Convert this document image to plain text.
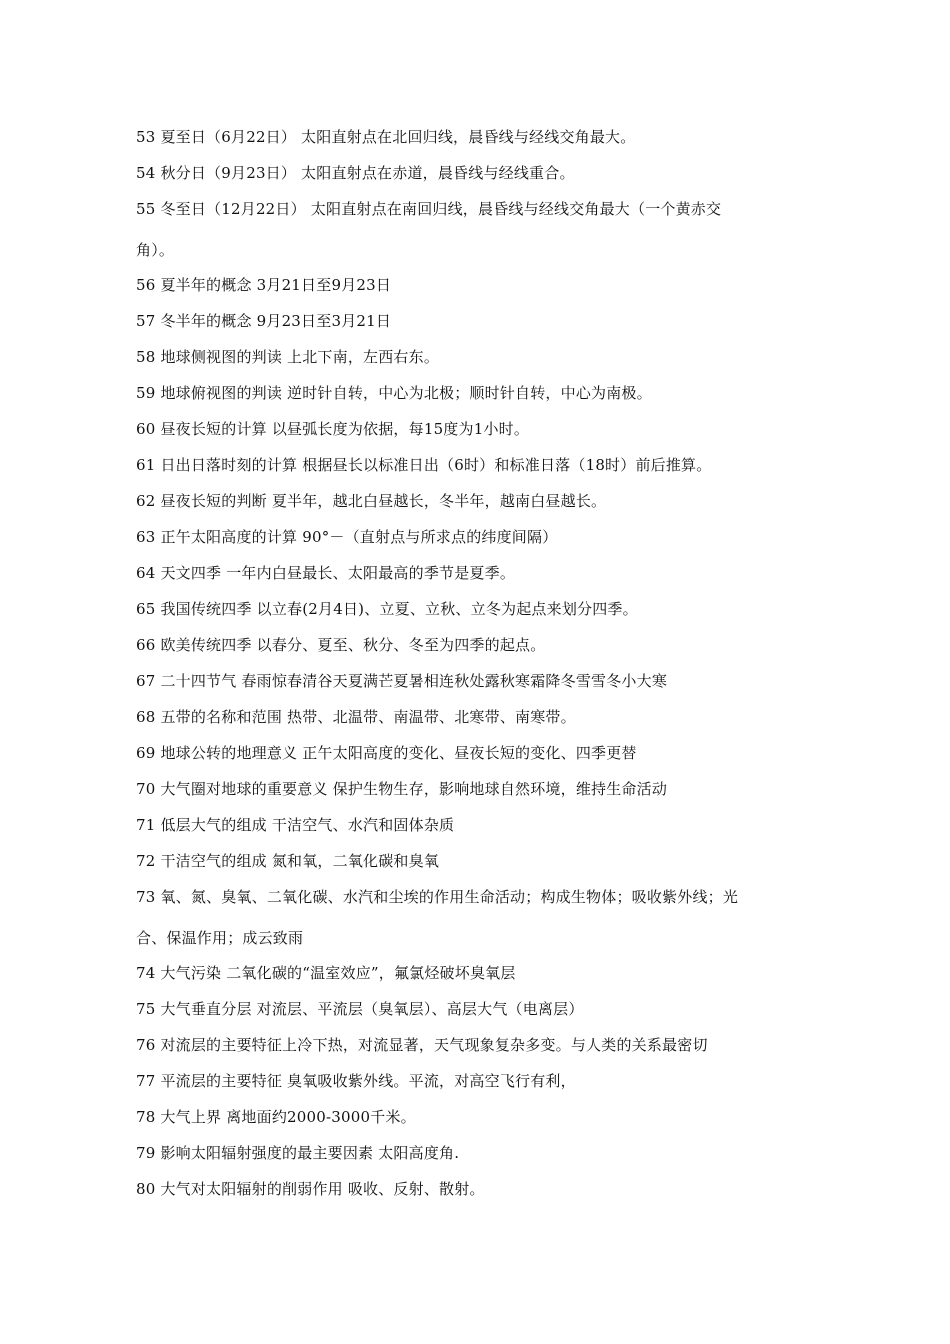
53 夏至日（6月22日） 太阳直射点在北回归线，晨昏线与经线交角最大。
54 秋分日（9月23日） 太阳直射点在赤道，晨昏线与经线重合。
55 冬至日（12月22日） 太阳直射点在南回归线，晨昏线与经线交角最大（一个黄赤交
角）。
56 夏半年的概念 3月21日至9月23日
57 冬半年的概念 9月23日至3月21日
58 地球侧视图的判读 上北下南，左西右东。
59 地球俯视图的判读 逆时针自转，中心为北极；顺时针自转，中心为南极。
60 昼夜长短的计算 以昼弧长度为依据，每15度为1小时。
61 日出日落时刻的计算 根据昼长以标准日出（6时）和标准日落（18时）前后推算。
62 昼夜长短的判断 夏半年，越北白昼越长，冬半年，越南白昼越长。
63 正午太阳高度的计算 90°－（直射点与所求点的纬度间隔）
64 天文四季 一年内白昼最长、太阳最高的季节是夏季。
65 我国传统四季 以立春(2月4日)、立夏、立秋、立冬为起点来划分四季。
66 欧美传统四季 以春分、夏至、秋分、冬至为四季的起点。
67 二十四节气 春雨惊春清谷天夏满芒夏暑相连秋处露秋寒霜降冬雪雪冬小大寒
68 五带的名称和范围 热带、北温带、南温带、北寒带、南寒带。
69 地球公转的地理意义 正午太阳高度的变化、昼夜长短的变化、四季更替
70 大气圈对地球的重要意义 保护生物生存，影响地球自然环境，维持生命活动
71 低层大气的组成 干洁空气、水汽和固体杂质
72 干洁空气的组成 氮和氧，二氧化碳和臭氧
73 氧、氮、臭氧、二氧化碳、水汽和尘埃的作用生命活动；构成生物体；吸收紫外线；光
合、保温作用；成云致雨
74 大气污染 二氧化碳的“温室效应”，氟氯烃破坏臭氧层
75 大气垂直分层 对流层、平流层（臭氧层）、高层大气（电离层）
76 对流层的主要特征上冷下热，对流显著，天气现象复杂多变。与人类的关系最密切
77 平流层的主要特征 臭氧吸收紫外线。平流，对高空飞行有利，
78 大气上界 离地面约2000-3000千米。
79 影响太阳辐射强度的最主要因素 太阳高度角.
80 大气对太阳辐射的削弱作用 吸收、反射、散射。
